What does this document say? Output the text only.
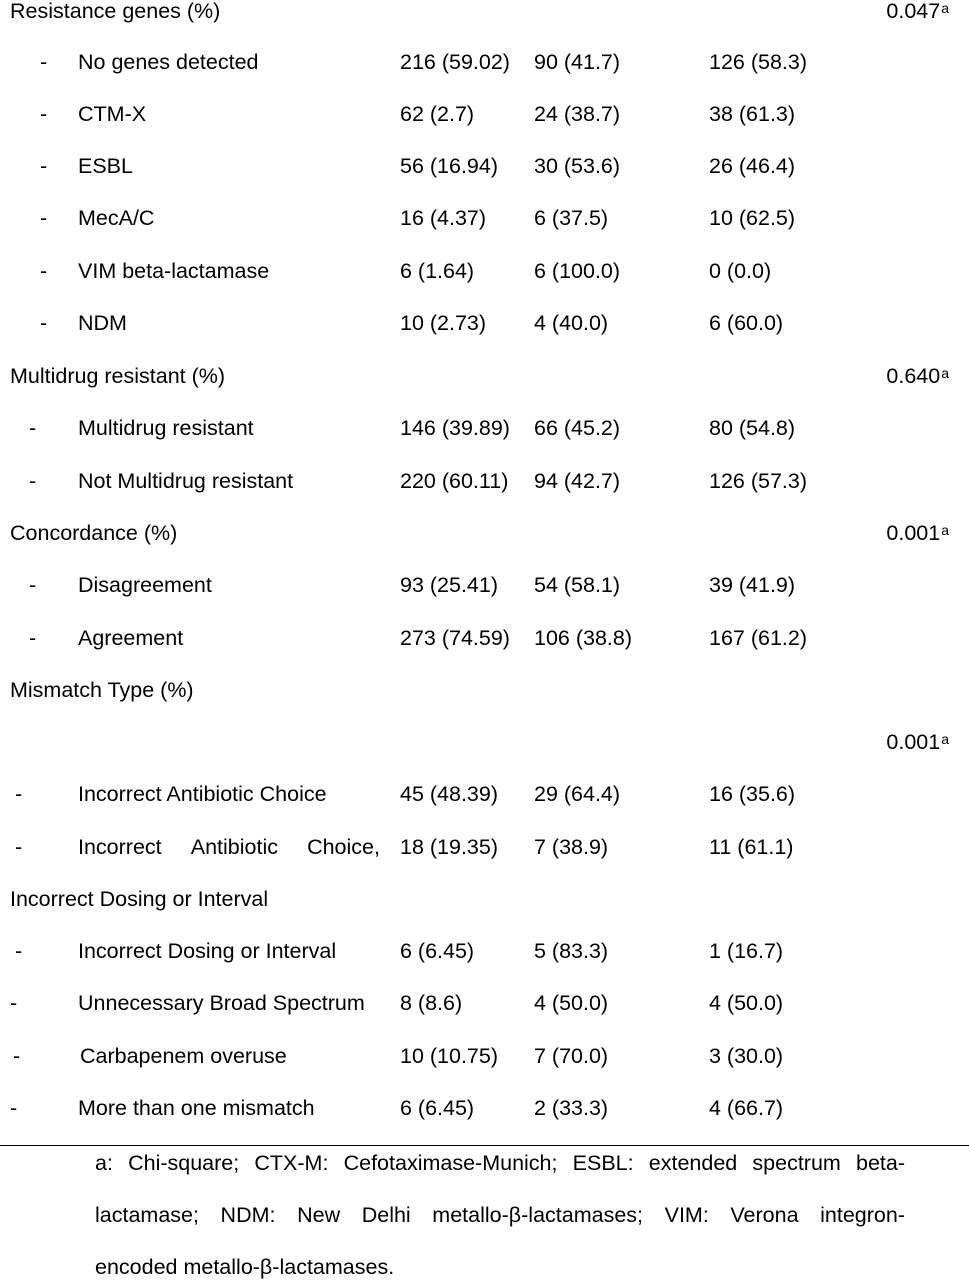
Resistance genes (%)	0.047$^a$
- No genes detected	216 (59.02) 90 (41.7)	126 (58.3)
- CTM-X	62 (2.7)	24 (38.7)	38 (61.3)
- ESBL	56 (16.94) 30 (53.6)	26 (46.4)
- MecA/C	16 (4.37) 6 (37.5)	10 (62.5)
- VIM beta-lactamase	6 (1.64)	6 (100.0)	0 (0.0)
- NDM	10 (2.73) 4 (40.0)	6 (60.0)
Multidrug resistant (%)	0.640$^a$
- Multidrug resistant	146 (39.89) 66 (45.2)	80 (54.8)
- Not Multidrug resistant	220 (60.11) 94 (42.7)	126 (57.3)
Concordance (%)	0.001$^a$
- Disagreement	93 (25.41) 54 (58.1)	39 (41.9)
- Agreement	273 (74.59) 106 (38.8)	167 (61.2)
Mismatch Type (%)
0.001$^a$
-	Incorrect Antibiotic Choice	45 (48.39) 29 (64.4)	16 (35.6)
-	Incorrect Antibiotic Choice, 18 (19.35) 7 (38.9)	11 (61.1)
Incorrect Dosing or Interval
-	Incorrect Dosing or Interval	6 (6.45)	5 (83.3)	1 (16.7)
-	Unnecessary Broad Spectrum 8 (8.6)	4 (50.0)	4 (50.0)
-	Carbapenem overuse	10 (10.75) 7 (70.0)	3 (30.0)
-	More than one mismatch	6 (6.45)	2 (33.3)	4 (66.7)
a: Chi-square; CTX-M: Cefotaximase-Munich; ESBL: extended spectrum beta-
lactamase; NDM: New Delhi metallo-β-lactamases; VIM: Verona integron-
encoded metallo-β-lactamases.
